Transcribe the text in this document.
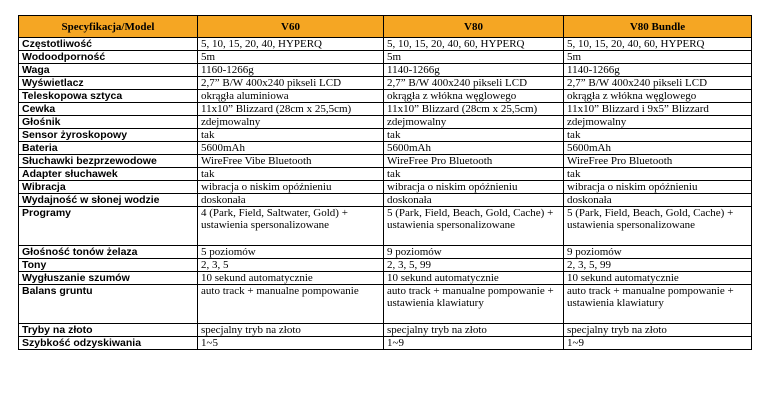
Specyfikacja/Model	V60	V80	V80 Bundle
Częstotliwość	5, 10, 15, 20, 40, HYPERQ	5, 10, 15, 20, 40, 60, HYPERQ	5, 10, 15, 20, 40, 60, HYPERQ
Wodoodporność	5m	5m	5m
Waga	1160-1266g	1140-1266g	1140-1266g
Wyświetlacz	2,7” B/W 400x240 pikseli LCD	2,7” B/W 400x240 pikseli LCD	2,7” B/W 400x240 pikseli LCD
Teleskopowa sztyca	okrągła aluminiowa	okrągła z włókna węglowego	okrągła z włókna węglowego
Cewka	11x10” Blizzard (28cm x 25,5cm)	11x10” Blizzard (28cm x 25,5cm)	11x10” Blizzard i 9x5” Blizzard
Głośnik	zdejmowalny	zdejmowalny	zdejmowalny
Sensor żyroskopowy	tak	tak	tak
Bateria	5600mAh	5600mAh	5600mAh
Słuchawki bezprzewodowe	WireFree Vibe Bluetooth	WireFree Pro Bluetooth	WireFree Pro Bluetooth
Adapter słuchawek	tak	tak	tak
Wibracja	wibracja o niskim opóźnieniu	wibracja o niskim opóźnieniu	wibracja o niskim opóźnieniu
Wydajność w słonej wodzie	doskonała	doskonała	doskonała
Programy	4 (Park, Field, Saltwater, Gold) + ustawienia spersonalizowane	5 (Park, Field, Beach, Gold, Cache) + ustawienia spersonalizowane	5 (Park, Field, Beach, Gold, Cache) + ustawienia spersonalizowane
Głośność tonów żelaza	5 poziomów	9 poziomów	9 poziomów
Tony	2, 3, 5	2, 3, 5, 99	2, 3, 5, 99
Wygłuszanie szumów	10 sekund automatycznie	10 sekund automatycznie	10 sekund automatycznie
Balans gruntu	auto track + manualne pompowanie	auto track + manualne pompowanie + ustawienia klawiatury	auto track + manualne pompowanie + ustawienia klawiatury
Tryby na złoto	specjalny tryb na złoto	specjalny tryb na złoto	specjalny tryb na złoto
Szybkość odzyskiwania	1~5	1~9	1~9
